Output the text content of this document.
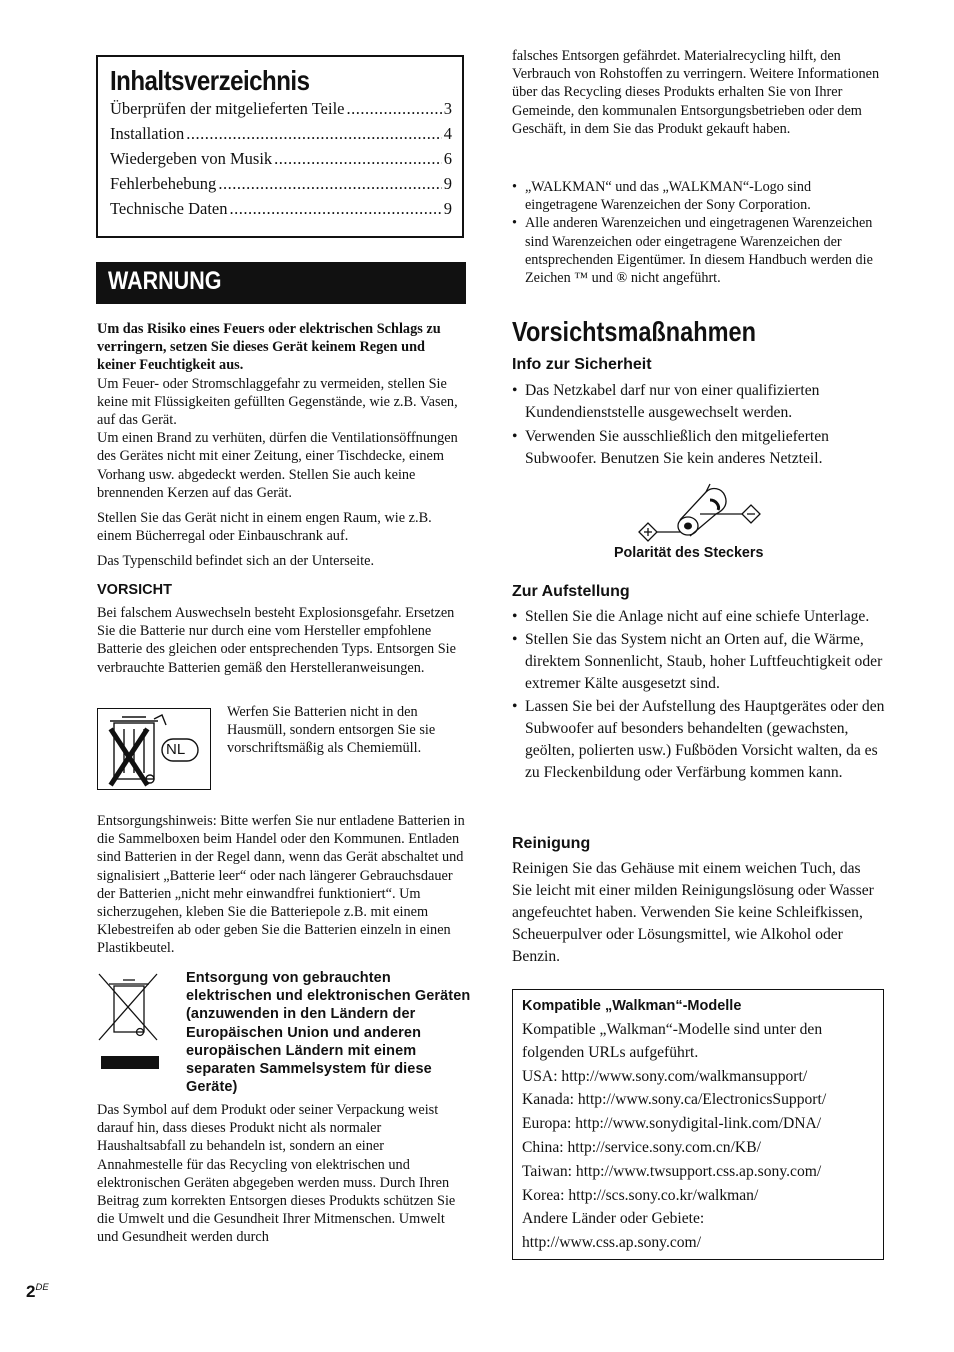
Inhaltsverzeichnis
Überprüfen der mitgelieferten Teile .....	3
Installation .....	4
Wiedergeben von Musik .....	6
Fehlerbehebung .....	9
Technische Daten .....	9
WARNUNG

Um das Risiko eines Feuers oder elektrischen Schlags zu verringern, setzen Sie dieses Gerät keinem Regen und keiner Feuchtigkeit aus.

Um Feuer- oder Stromschlaggefahr zu vermeiden, stellen Sie keine mit Flüssigkeiten gefüllten Gegenstände, wie z.B. Vasen, auf das Gerät.

Um einen Brand zu verhüten, dürfen die Ventilationsöffnungen des Gerätes nicht mit einer Zeitung, einer Tischdecke, einem Vorhang usw. abgedeckt werden. Stellen Sie auch keine brennenden Kerzen auf das Gerät.

Stellen Sie das Gerät nicht in einem engen Raum, wie z.B. einem Bücherregal oder Einbauschrank auf.

Das Typenschild befindet sich an der Unterseite.

VORSICHT

Bei falschem Auswechseln besteht Explosionsgefahr. Ersetzen Sie die Batterie nur durch eine vom Hersteller empfohlene Batterie des gleichen oder entsprechenden Typs. Entsorgen Sie verbrauchte Batterien gemäß den Herstelleranweisungen.

NL

Werfen Sie Batterien nicht in den Hausmüll, sondern entsorgen Sie sie vorschriftsmäßig als Chemiemüll.

Entsorgungshinweis: Bitte werfen Sie nur entladene Batterien in die Sammelboxen beim Handel oder den Kommunen. Entladen sind Batterien in der Regel dann, wenn das Gerät abschaltet und signalisiert „Batterie leer“ oder nach längerer Gebrauchsdauer der Batterien „nicht mehr einwandfrei funktioniert“. Um sicherzugehen, kleben Sie die Batteriepole z.B. mit einem Klebestreifen ab oder geben Sie die Batterien einzeln in einen Plastikbeutel.

Entsorgung von gebrauchten elektrischen und elektronischen Geräten (anzuwenden in den Ländern der Europäischen Union und anderen europäischen Ländern mit einem separaten Sammelsystem für diese Geräte)

Das Symbol auf dem Produkt oder seiner Verpackung weist darauf hin, dass dieses Produkt nicht als normaler Haushaltsabfall zu behandeln ist, sondern an einer Annahmestelle für das Recycling von elektrischen und elektronischen Geräten abgegeben werden muss. Durch Ihren Beitrag zum korrekten Entsorgen dieses Produkts schützen Sie die Umwelt und die Gesundheit Ihrer Mitmenschen. Umwelt und Gesundheit werden durch

falsches Entsorgen gefährdet. Materialrecycling hilft, den Verbrauch von Rohstoffen zu verringern. Weitere Informationen über das Recycling dieses Produkts erhalten Sie von Ihrer Gemeinde, den kommunalen Entsorgungsbetrieben oder dem Geschäft, in dem Sie das Produkt gekauft haben.

• „WALKMAN“ und das „WALKMAN“-Logo sind eingetragene Warenzeichen der Sony Corporation.
• Alle anderen Warenzeichen und eingetragenen Warenzeichen sind Warenzeichen oder eingetragene Warenzeichen der entsprechenden Eigentümer. In diesem Handbuch werden die Zeichen ™ und ® nicht angeführt.
Vorsichtsmaßnahmen
Info zur Sicherheit
• Das Netzkabel darf nur von einer qualifizierten Kundendienststelle ausgewechselt werden.
• Verwenden Sie ausschließlich den mitgelieferten Subwoofer. Benutzen Sie kein anderes Netzteil.
Polarität des Steckers
Zur Aufstellung
• Stellen Sie die Anlage nicht auf eine schiefe Unterlage.
• Stellen Sie das System nicht an Orten auf, die Wärme, direktem Sonnenlicht, Staub, hoher Luftfeuchtigkeit oder extremer Kälte ausgesetzt sind.
• Lassen Sie bei der Aufstellung des Hauptgerätes oder den Subwoofer auf besonders behandelten (gewachsten, geölten, polierten usw.) Fußböden Vorsicht walten, da es zu Fleckenbildung oder Verfärbung kommen kann.
Reinigung

Reinigen Sie das Gehäuse mit einem weichen Tuch, das Sie leicht mit einer milden Reinigungslösung oder Wasser angefeuchtet haben. Verwenden Sie keine Schleifkissen, Scheuerpulver oder Lösungsmittel, wie Alkohol oder Benzin.

Kompatible „Walkman“-Modelle

Kompatible „Walkman“-Modelle sind unter den folgenden URLs aufgeführt.

USA: http://www.sony.com/walkmansupport/
Kanada: http://www.sony.ca/ElectronicsSupport/
Europa: http://www.sonydigital-link.com/DNA/
China: http://service.sony.com.cn/KB/
Taiwan: http://www.twsupport.css.ap.sony.com/
Korea: http://scs.sony.co.kr/walkman/
Andere Länder oder Gebiete:
http://www.css.ap.sony.com/
2DE
